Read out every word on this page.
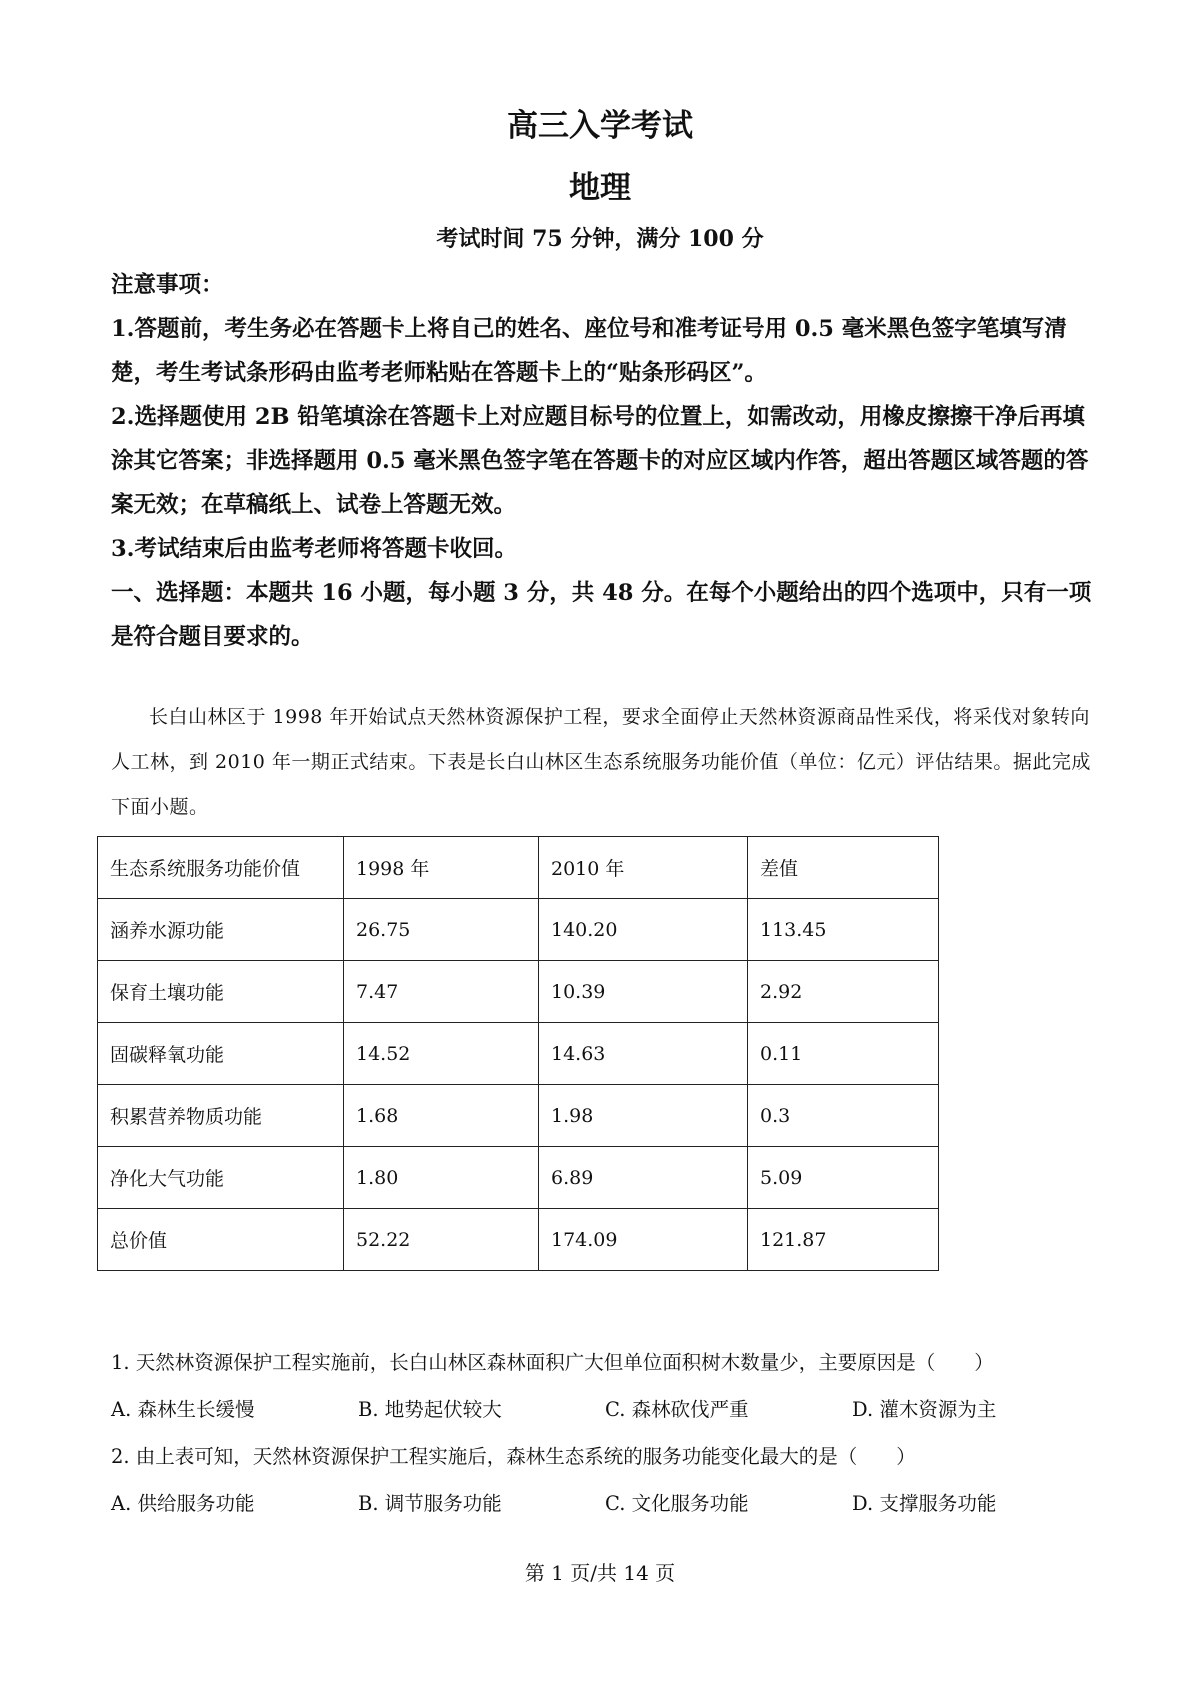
高三入学考试
地理
考试时间 75 分钟，满分 100 分

注意事项：

1.答题前，考生务必在答题卡上将自己的姓名、座位号和准考证号用 0.5 毫米黑色签字笔填写清楚，考生考试条形码由监考老师粘贴在答题卡上的“贴条形码区”。

2.选择题使用 2B 铅笔填涂在答题卡上对应题目标号的位置上，如需改动，用橡皮擦擦干净后再填涂其它答案；非选择题用 0.5 毫米黑色签字笔在答题卡的对应区域内作答，超出答题区域答题的答案无效；在草稿纸上、试卷上答题无效。

3.考试结束后由监考老师将答题卡收回。

一、选择题：本题共 16 小题，每小题 3 分，共 48 分。在每个小题给出的四个选项中，只有一项是符合题目要求的。

长白山林区于 1998 年开始试点天然林资源保护工程，要求全面停止天然林资源商品性采伐，将采伐对象转向人工林，到 2010 年一期正式结束。下表是长白山林区生态系统服务功能价值（单位：亿元）评估结果。据此完成下面小题。

生态系统服务功能价值	1998 年	2010 年	差值
涵养水源功能	26.75	140.20	113.45
保育土壤功能	7.47	10.39	2.92
固碳释氧功能	14.52	14.63	0.11
积累营养物质功能	1.68	1.98	0.3
净化大气功能	1.80	6.89	5.09
总价值	52.22	174.09	121.87
1. 天然林资源保护工程实施前，长白山林区森林面积广大但单位面积树木数量少，主要原因是（　　）
A. 森林生长缓慢	B. 地势起伏较大	C. 森林砍伐严重	D. 灌木资源为主
2. 由上表可知，天然林资源保护工程实施后，森林生态系统的服务功能变化最大的是（　　）
A. 供给服务功能	B. 调节服务功能	C. 文化服务功能	D. 支撑服务功能
第 1 页/共 14 页
